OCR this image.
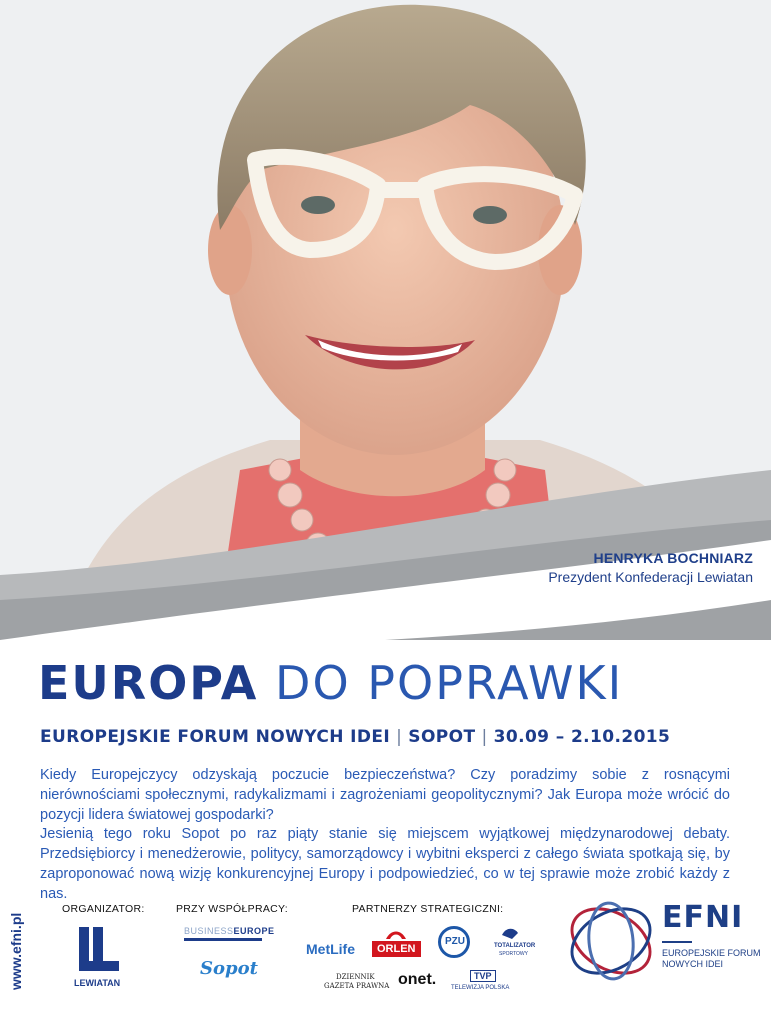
HENRYKA BOCHNIARZ
Prezydent Konfederacji Lewiatan
EUROPA DO POPRAWKI
EUROPEJSKIE FORUM NOWYCH IDEI | SOPOT | 30.09 – 2.10.2015

Kiedy Europejczycy odzyskają poczucie bezpieczeństwa? Czy poradzimy sobie z rosnącymi nierównościami społecznymi, radykalizmami i zagrożeniami geopolitycznymi? Jak Europa może wrócić do pozycji lidera światowej gospodarki?

Jesienią tego roku Sopot po raz piąty stanie się miejscem wyjątkowej międzynarodowej debaty. Przedsiębiorcy i menedżerowie, politycy, samorządowcy i wybitni eksperci z całego świata spotkają się, by zaproponować nową wizję konkurencyjnej Europy i podpowiedzieć, co w tej sprawie może zrobić każdy z nas.

www.efni.pl
ORGANIZATOR:	PRZY WSPÓŁPRACY:	PARTNERZY STRATEGICZNI:
LEWIATAN
BUSINESSEUROPE
Sopot
MetLife	ORLEN
PZU	TOTALIZATOR
SPORTOWY
DZIENNIK
GAZETA PRAWNA onet.	TVP
TELEWIZJA POLSKA
EFNI
EUROPEJSKIE FORUM
NOWYCH IDEI
